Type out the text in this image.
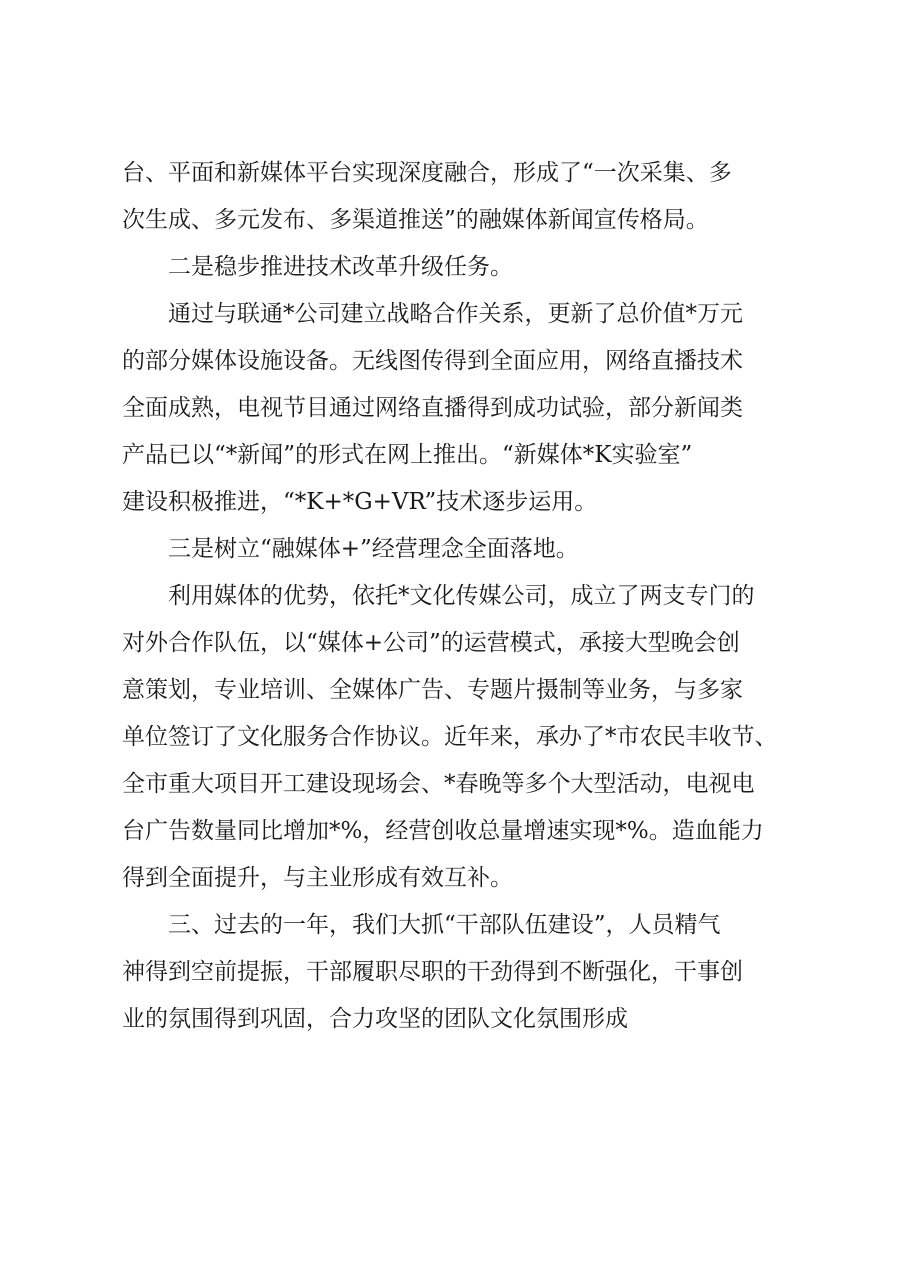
台、平面和新媒体平台实现深度融合，形成了“一次采集、多
次生成、多元发布、多渠道推送”的融媒体新闻宣传格局。
二是稳步推进技术改革升级任务。
通过与联通*公司建立战略合作关系，更新了总价值*万元
的部分媒体设施设备。无线图传得到全面应用，网络直播技术
全面成熟，电视节目通过网络直播得到成功试验，部分新闻类
产品已以“*新闻”的形式在网上推出。“新媒体*K实验室”
建设积极推进，“*K+*G+VR”技术逐步运用。
三是树立“融媒体+”经营理念全面落地。
利用媒体的优势，依托*文化传媒公司，成立了两支专门的
对外合作队伍，以“媒体+公司”的运营模式，承接大型晚会创
意策划，专业培训、全媒体广告、专题片摄制等业务，与多家
单位签订了文化服务合作协议。近年来，承办了*市农民丰收节、
全市重大项目开工建设现场会、*春晚等多个大型活动，电视电
台广告数量同比增加*%，经营创收总量增速实现*%。造血能力
得到全面提升，与主业形成有效互补。
三、过去的一年，我们大抓“干部队伍建设”，人员精气
神得到空前提振，干部履职尽职的干劲得到不断强化，干事创
业的氛围得到巩固，合力攻坚的团队文化氛围形成
